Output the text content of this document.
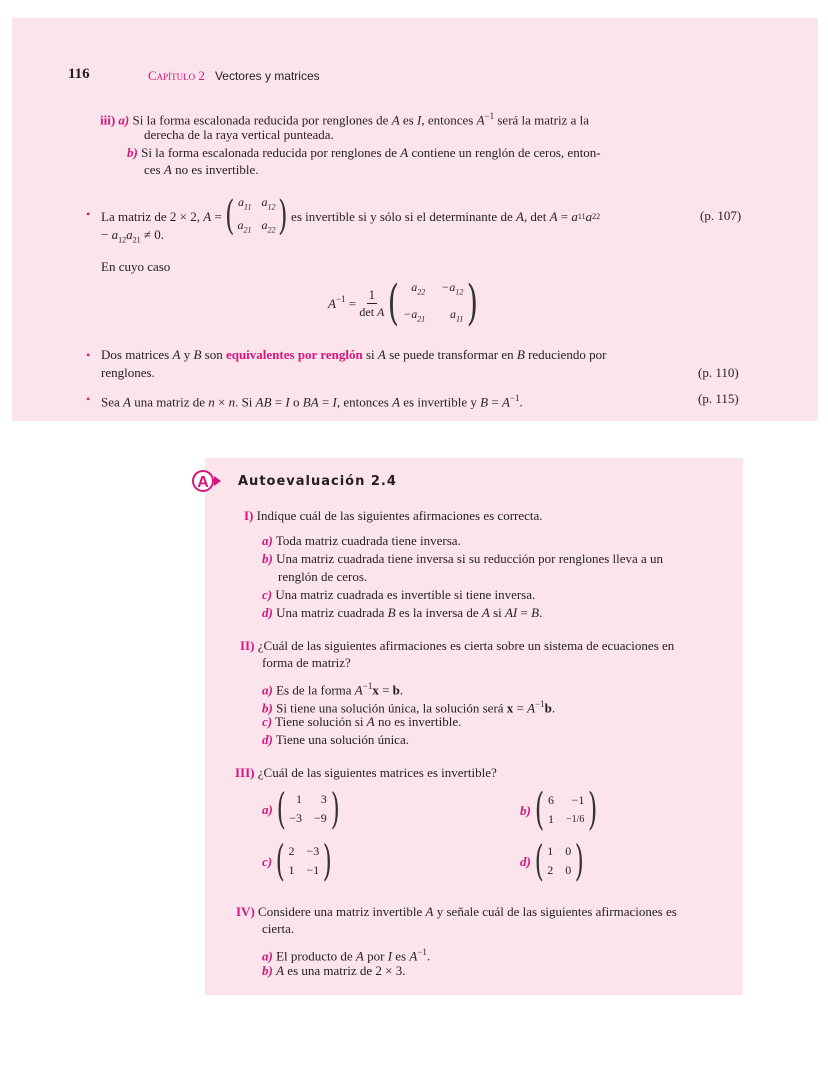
116	Capítulo 2 Vectores y matrices
iii) a) Si la forma escalonada reducida por renglones de A es I, entonces $A^{-1}$ será la matriz a la
derecha de la raya vertical punteada.
b) Si la forma escalonada reducida por renglones de A contiene un renglón de ceros, enton-
ces A no es invertible.
• La matriz de 2 × 2,
A = ( $a_{11}$ $a_{12}$
$a_{21}$ $a_{22}$ ) es invertible si y sólo si el determinante de
A , det
A = a 11 a 22
− $a_{12}a_{21} \ne 0$.
(p. 107)
En cuyo caso
$A^{-1}$ =
1
det A ( $a_{22} -a_{12}$
$-a_{21}$	$a_{11}$ )
• Dos matrices A y B son equivalentes por renglón si A se puede transformar en B reduciendo por
renglones.	(p. 110)
• Sea A una matriz de n × n. Si AB = I o BA = I, entonces A es invertible y $B = A^{-1}$.	(p. 115)
A	Autoevaluación 2.4
I) Indique cuál de las siguientes afirmaciones es correcta.
a) Toda matriz cuadrada tiene inversa.
b) Una matriz cuadrada tiene inversa si su reducción por renglones lleva a un
renglón de ceros.
c) Una matriz cuadrada es invertible si tiene inversa.
d) Una matriz cuadrada B es la inversa de A si AI = B.
II) ¿Cuál de las siguientes afirmaciones es cierta sobre un sistema de ecuaciones en
forma de matriz?
a) Es de la forma $A^{-1}x = b$.
b) Si tiene una solución única, la solución será $x = A^{-1}b$.
c) Tiene solución si A no es invertible.
d) Tiene una solución única.
III) ¿Cuál de las siguientes matrices es invertible?
a) ( 1	3
−3 −9 )	b) ( 6	−1
1 −1/6 )
c) ( 2 −3
1 −1 )	d) ( 1 0
2 0 )
IV) Considere una matriz invertible A y señale cuál de las siguientes afirmaciones es
cierta.
a) El producto de A por I es $A^{-1}$.
b) A es una matriz de 2 × 3.
